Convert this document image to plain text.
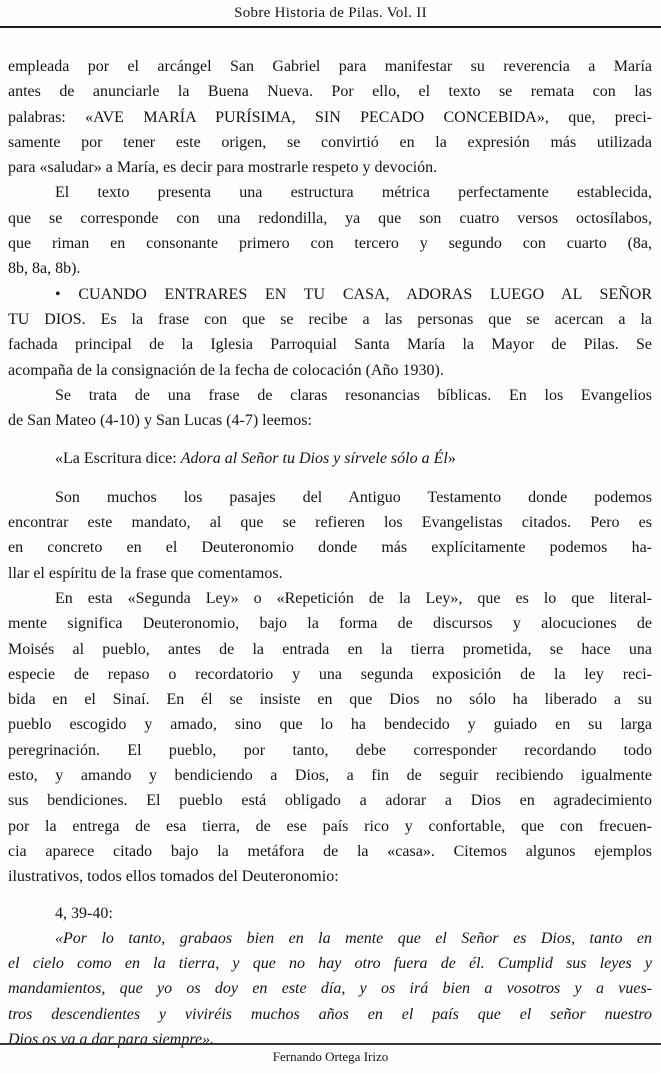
Sobre Historia de Pilas. Vol. II
empleada por el arcángel San Gabriel para manifestar su reverencia a María
antes de anunciarle la Buena Nueva. Por ello, el texto se remata con las
palabras: «AVE MARÍA PURÍSIMA, SIN PECADO CONCEBIDA», que, preci-
samente por tener este origen, se convirtió en la expresión más utilizada
para «saludar» a María, es decir para mostrarle respeto y devoción.
El texto presenta una estructura métrica perfectamente establecida,
que se corresponde con una redondilla, ya que son cuatro versos octosílabos,
que riman en consonante primero con tercero y segundo con cuarto (8a,
8b, 8a, 8b).
• CUANDO ENTRARES EN TU CASA, ADORAS LUEGO AL SEÑOR
TU DIOS. Es la frase con que se recibe a las personas que se acercan a la
fachada principal de la Iglesia Parroquial Santa María la Mayor de Pilas. Se
acompaña de la consignación de la fecha de colocación (Año 1930).
Se trata de una frase de claras resonancias bíblicas. En los Evangelios
de San Mateo (4-10) y San Lucas (4-7) leemos:
«La Escritura dice: Adora al Señor tu Dios y sírvele sólo a Él»
Son muchos los pasajes del Antiguo Testamento donde podemos
encontrar este mandato, al que se refieren los Evangelistas citados. Pero es
en concreto en el Deuteronomio donde más explícitamente podemos ha-
llar el espíritu de la frase que comentamos.
En esta «Segunda Ley» o «Repetición de la Ley», que es lo que literal-
mente significa Deuteronomio, bajo la forma de discursos y alocuciones de
Moisés al pueblo, antes de la entrada en la tierra prometida, se hace una
especie de repaso o recordatorio y una segunda exposición de la ley reci-
bida en el Sinaí. En él se insiste en que Dios no sólo ha liberado a su
pueblo escogido y amado, sino que lo ha bendecido y guiado en su larga
peregrinación. El pueblo, por tanto, debe corresponder recordando todo
esto, y amando y bendiciendo a Dios, a fin de seguir recibiendo igualmente
sus bendiciones. El pueblo está obligado a adorar a Dios en agradecimiento
por la entrega de esa tierra, de ese país rico y confortable, que con frecuen-
cia aparece citado bajo la metáfora de la «casa». Citemos algunos ejemplos
ilustrativos, todos ellos tomados del Deuteronomio:
4, 39-40:
«Por lo tanto, grabaos bien en la mente que el Señor es Dios, tanto en
el cielo como en la tierra, y que no hay otro fuera de él. Cumplid sus leyes y
mandamientos, que yo os doy en este día, y os irá bien a vosotros y a vues-
tros descendientes y viviréis muchos años en el país que el señor nuestro
Dios os va a dar para siempre».
Fernando Ortega Irizo
